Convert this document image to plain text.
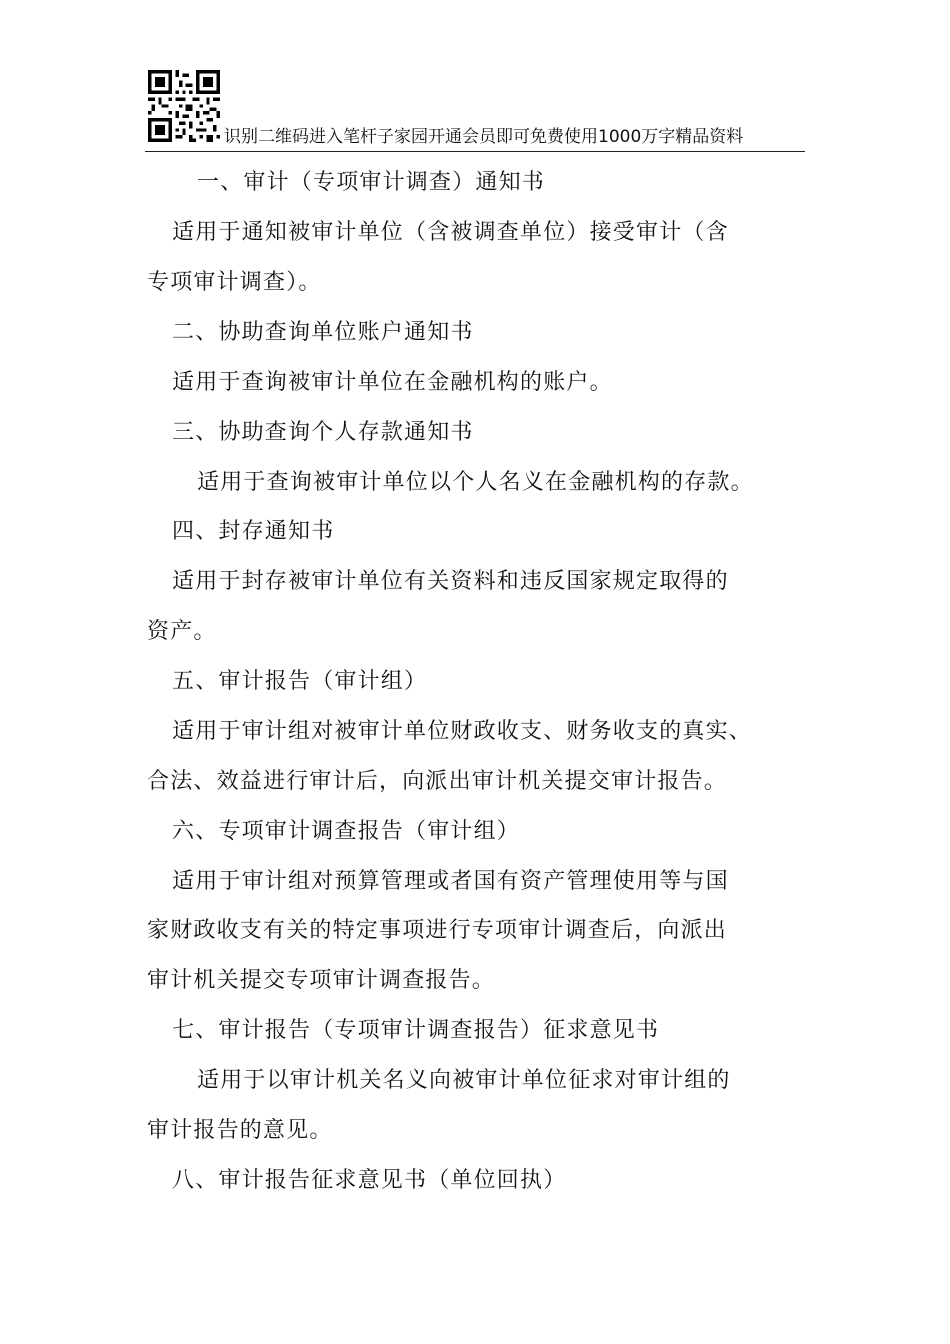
识别二维码进入笔杆子家园开通会员即可免费使用1000万字精品资料
一、审计（专项审计调查）通知书
适用于通知被审计单位（含被调查单位）接受审计（含
专项审计调查）。
二、协助查询单位账户通知书
适用于查询被审计单位在金融机构的账户。
三、协助查询个人存款通知书
适用于查询被审计单位以个人名义在金融机构的存款。
四、封存通知书
适用于封存被审计单位有关资料和违反国家规定取得的
资产。
五、审计报告（审计组）
适用于审计组对被审计单位财政收支、财务收支的真实、
合法、效益进行审计后，向派出审计机关提交审计报告。
六、专项审计调查报告（审计组）
适用于审计组对预算管理或者国有资产管理使用等与国
家财政收支有关的特定事项进行专项审计调查后，向派出
审计机关提交专项审计调查报告。
七、审计报告（专项审计调查报告）征求意见书
适用于以审计机关名义向被审计单位征求对审计组的
审计报告的意见。
八、审计报告征求意见书（单位回执）
